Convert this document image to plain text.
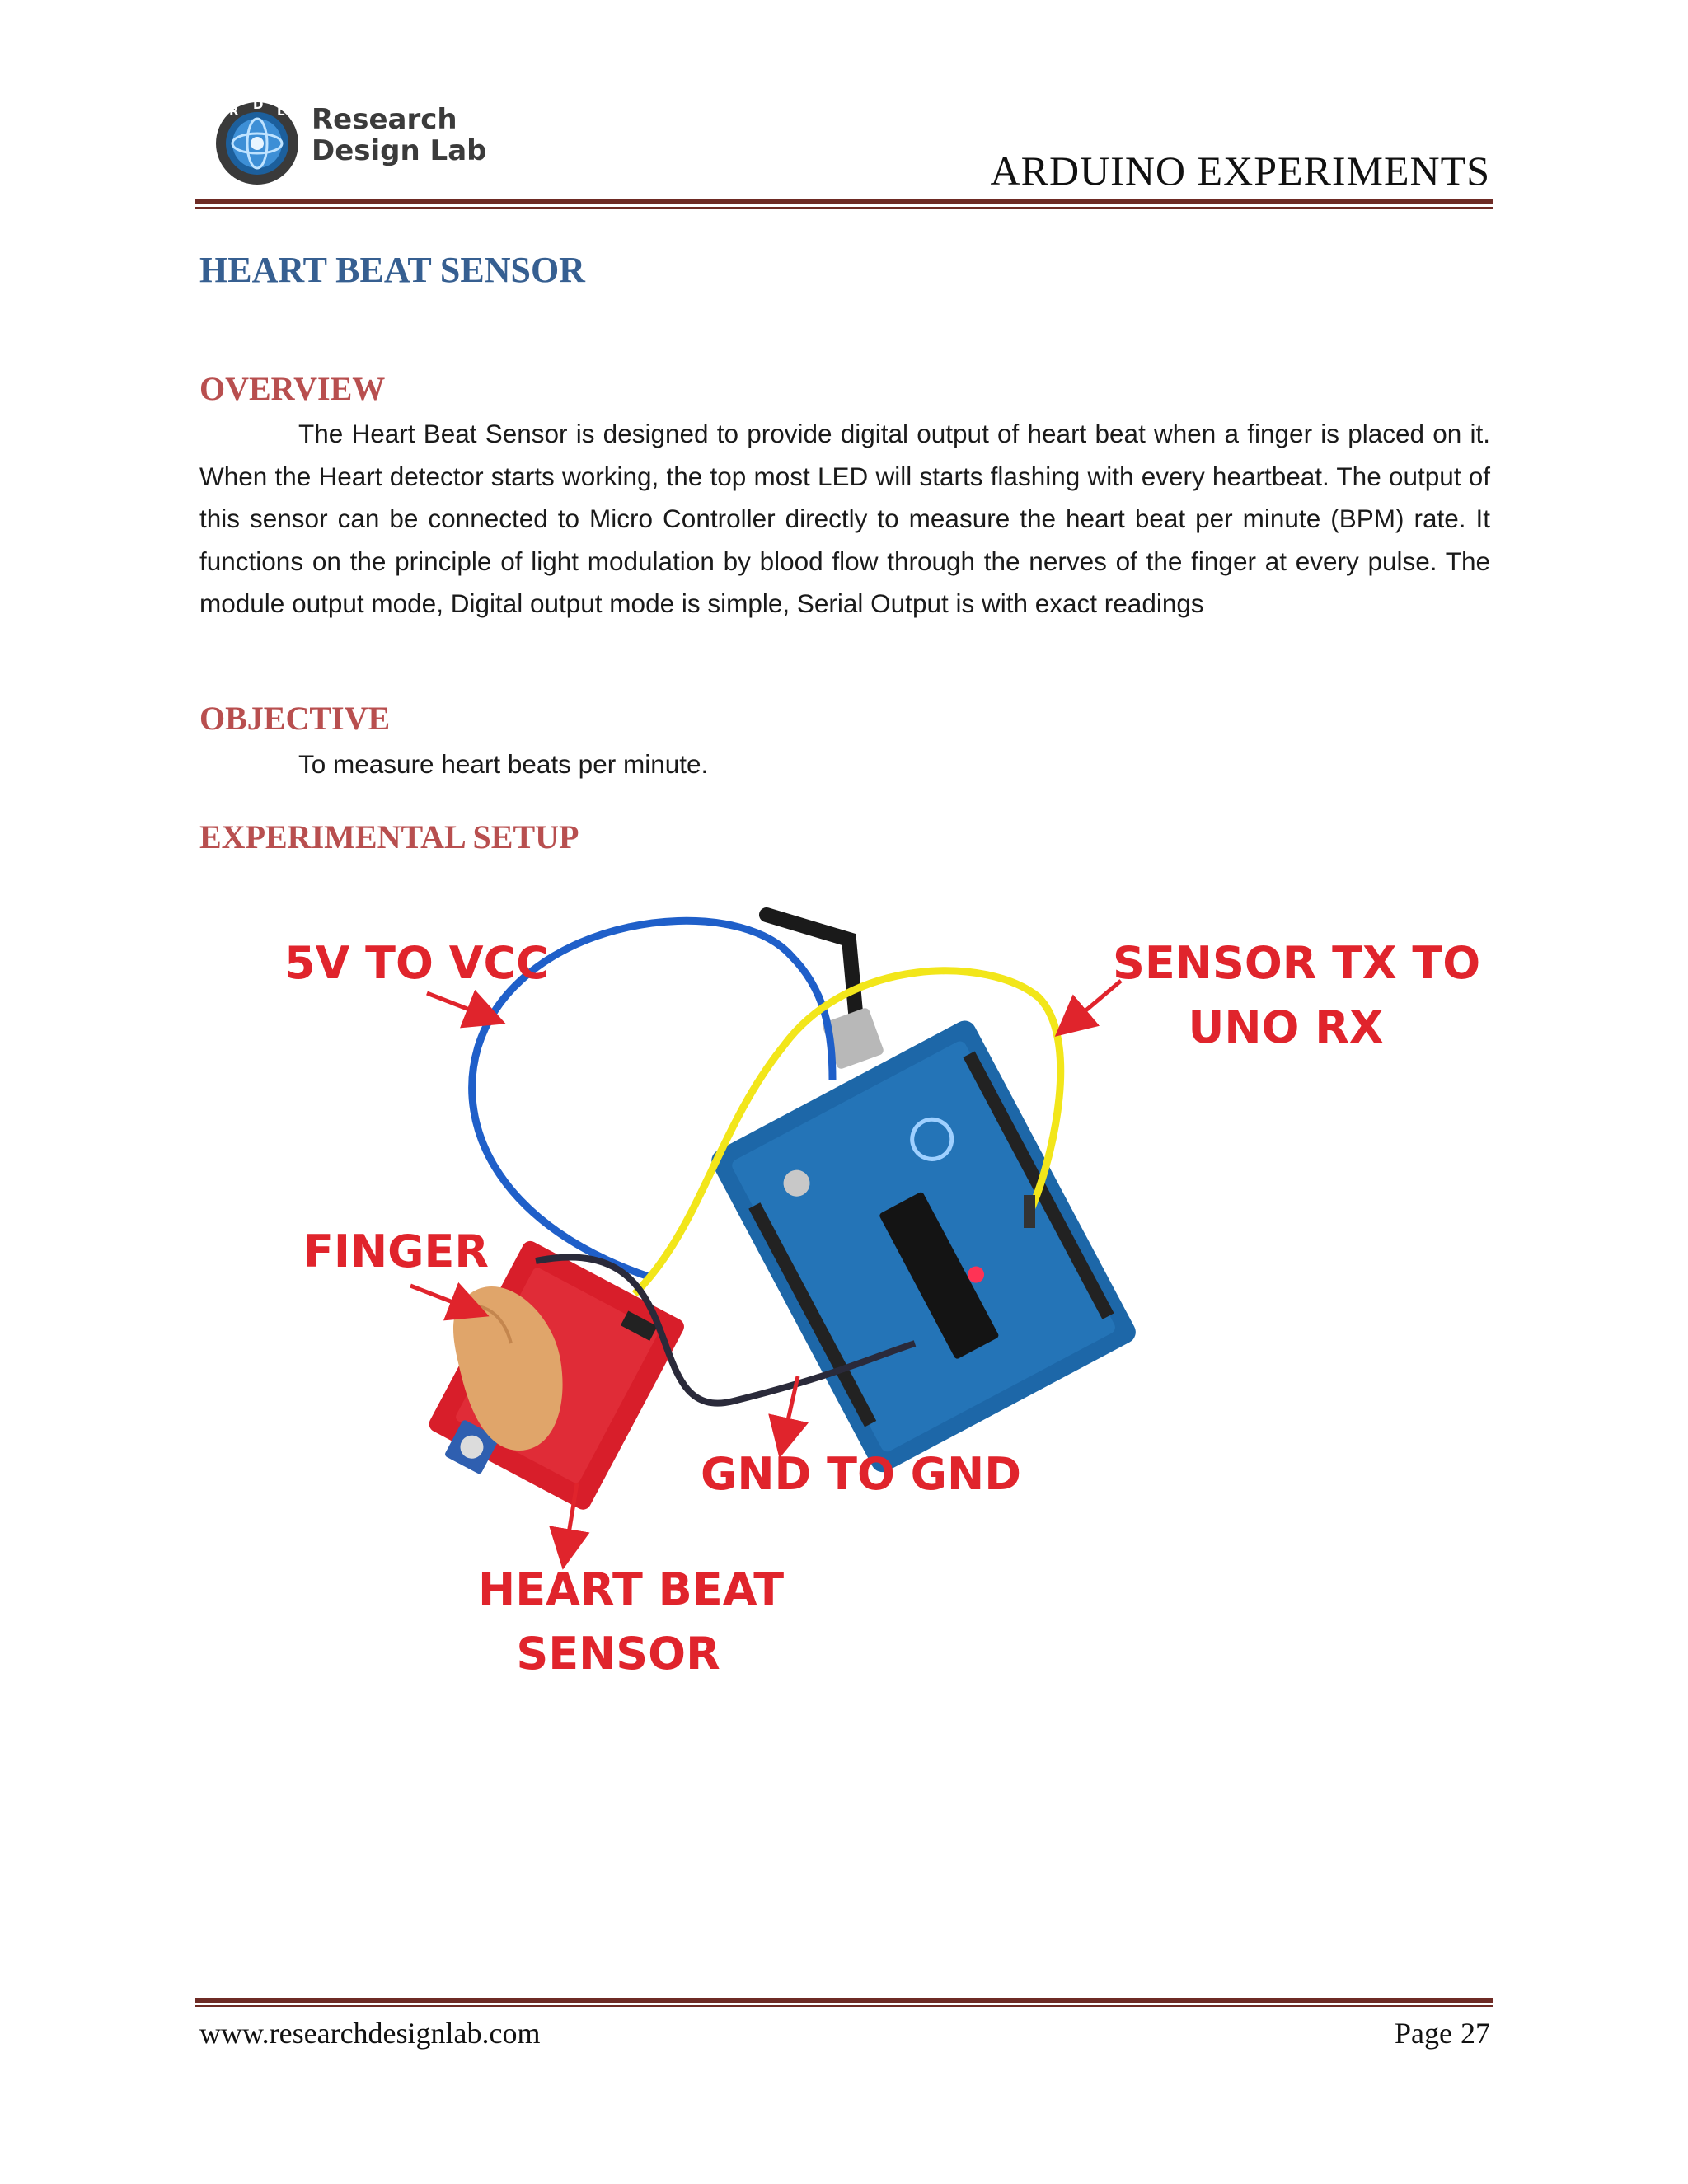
R D L Research
Design Lab	ARDUINO EXPERIMENTS
HEART BEAT SENSOR
OVERVIEW

The Heart Beat Sensor is designed to provide digital output of heart beat when a finger is placed on it. When the Heart detector starts working, the top most LED will starts flashing with every heartbeat. The output of this sensor can be connected to Micro Controller directly to measure the heart beat per minute (BPM) rate. It functions on the principle of light modulation by blood flow through the nerves of the finger at every pulse. The module output mode, Digital output mode is simple, Serial Output is with exact readings

OBJECTIVE

To measure heart beats per minute.

EXPERIMENTAL SETUP
5V TO VCC	SENSOR TX TO
UNO RX
FINGER
GND TO GND
HEART BEAT
SENSOR
www.researchdesignlab.com	Page 27
